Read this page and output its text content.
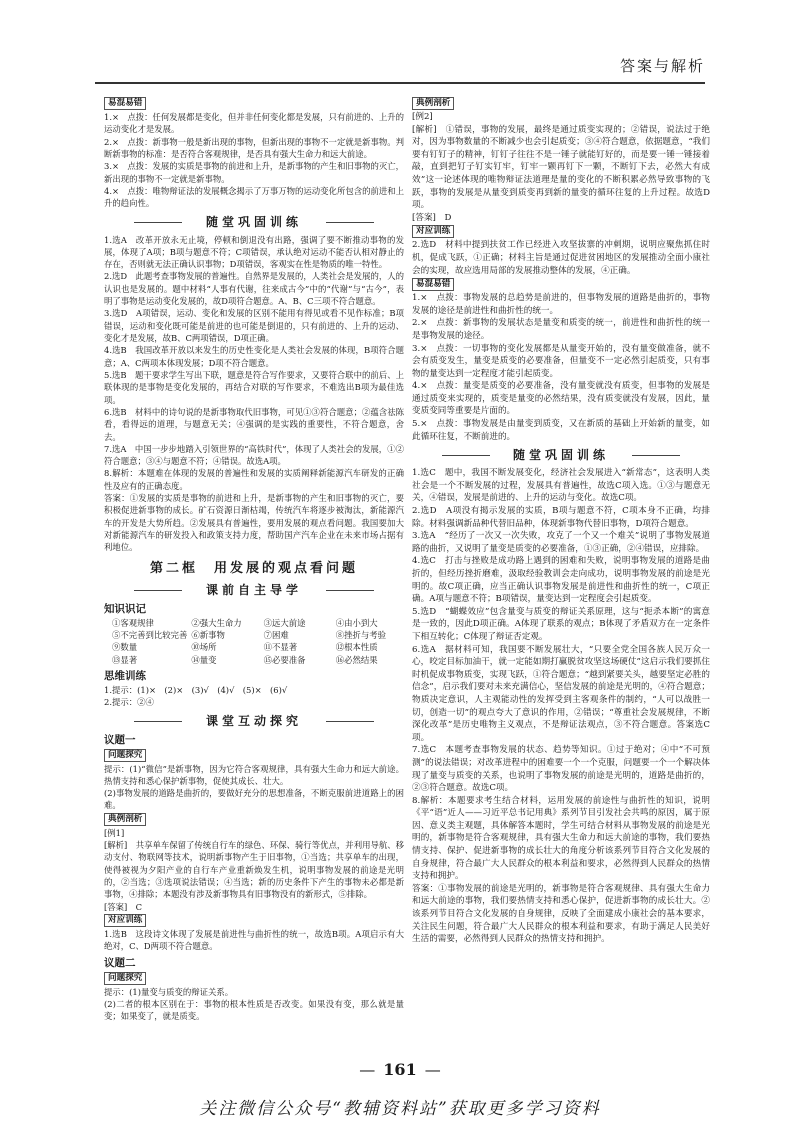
答案与解析
易混易错

1.×　点拨：任何发展都是变化，但并非任何变化都是发展，只有前进的、上升的运动变化才是发展。

2.×　点拨：新事物一般是新出现的事物，但新出现的事物不一定就是新事物。判断新事物的标准：是否符合客观规律，是否具有强大生命力和远大前途。

3.×　点拨：发展的实质是事物的前进和上升，是新事物的产生和旧事物的灭亡，新出现的事物不一定就是新事物。

4.×　点拨：唯物辩证法的发展概念揭示了万事万物的运动变化所包含的前进和上升的趋向性。

随堂巩固训练

1.选A　改革开放永无止境，停顿和倒退没有出路，强调了要不断推动事物的发展，体现了A项；B项与题意不符；C项错误，承认绝对运动不能否认相对静止的存在，否则就无法正确认识事物；D项错误，客观实在性是物质的唯一特性。

2.选D　此题考查事物发展的普遍性。自然界是发展的，人类社会是发展的，人的认识也是发展的。题中材料“人事有代谢，往来成古今”中的“代谢”与“古今”，表明了事物是运动变化发展的，故D项符合题意。A、B、C三项不符合题意。

3.选D　A项错误，运动、变化和发展的区别不能用有得见或看不见作标准；B项错误，运动和变化既可能是前进的也可能是倒退的，只有前进的、上升的运动、变化才是发展，故B、C两项错误，D项正确。

4.选B　我国改革开放以来发生的历史性变化是人类社会发展的体现，B项符合题意；A、C两项本体现发展；D项不符合题意。

5.选B　题干要求学生写出下联，题意是符合写作要求，又要符合联中的前后、上联体现的是事物是变化发展的，再结合对联的写作要求，不难选出B项为最佳选项。

6.选B　材料中的诗句说的是新事物取代旧事物，可见①③符合题意；②蕴含祛陈看，看得远的道理，与题意无关；④强调的是实践的重要性，不符合题意，舍去。

7.选A　中国一步步地踏入引领世界的“高铁时代”，体现了人类社会的发展，①②符合题意；③④与题意不符；④错误。故选A项。

8.解析：本题难在体现的发展的普遍性和发展的实质阐释新能源汽车研发的正确性及应有的正确态度。

答案：①发展的实质是事物的前进和上升，是新事物的产生和旧事物的灭亡，要积极促进新事物的成长。矿石资源日渐枯竭，传统汽车将逐步被淘汰，新能源汽车的开发是大势所趋。②发展具有普遍性，要用发展的观点看问题。我国要加大对新能源汽车的研发投入和政策支持力度，帮助国产汽车企业在未来市场占据有利地位。

第二框　用发展的观点看问题
课前自主导学
知识识记
①客观规律	②强大生命力	③远大前途	④由小到大
⑤不完善到比较完善 ⑥新事物	⑦困难	⑧挫折与考验
⑨数量	⑩场所	⑪不显著	⑫根本性质
⑬显著	⑭量变	⑮必要准备	⑯必然结果
思维训练

1.提示：(1)×　(2)×　(3)√　(4)√　(5)×　(6)√

2.提示：②④

课堂互动探究
议题一
问题探究

提示：(1)“微信”是新事物，因为它符合客观规律，具有强大生命力和远大前途。热情支持和悉心保护新事物，促使其成长、壮大。

(2)事物发展的道路是曲折的，要做好充分的思想准备，不断克服前进道路上的困难。

典例剖析

[例1]

[解析]　共享单车保留了传统自行车的绿色、环保、骑行等优点，并利用导航、移动支付、物联网等技术，说明新事物产生于旧事物，①当选；共享单车的出现，使得被视为夕阳产业的自行车产业重新焕发生机，说明事物发展的前途是光明的，②当选；③选项说法错误；④当选；新的历史条件下产生的事物未必都是新事物，④排除；本题没有涉及新事物具有旧事物没有的新形式，⑤排除。

[答案]　C

对应训练

1.选B　这段诗文体现了发展是前进性与曲折性的统一，故选B项。A项启示有大绝对，C、D两项不符合题意。

议题二
问题探究

提示：(1)量变与质变的辩证关系。

(2)二者的根本区别在于：事物的根本性质是否改变。如果没有变，那么就是量变；如果变了，就是质变。

典例剖析

[例2]

[解析]　①错误，事物的发展，最终是通过质变实现的；②错误，说法过于绝对，因为事物数量的不断减少也会引起质变；③④符合题意，依据题意，“我们要有钉钉子的精神，钉钉子往往不是一锤子就能钉好的，而是要一锤一锤接着敲，直到把钉子钉实钉牢，钉牢一颗再钉下一颗，不断钉下去，必然大有成效”这一论述体现的唯物辩证法道理是量的变化的不断积累必然导致事物的飞跃，事物的发展是从量变到质变再到新的量变的循环往复的上升过程。故选D项。

[答案]　D

对应训练

2.选D　材料中提到扶贫工作已经进入攻坚拔寨的冲刺期，说明应聚焦抓住时机，促成飞跃，①正确；材料主旨是通过促进贫困地区的发展推动全面小康社会的实现，故应选用局部的发展推动整体的发展，④正确。

易混易错

1.×　点拨：事物发展的总趋势是前进的，但事物发展的道路是曲折的，事物发展的途径是前进性和曲折性的统一。

2.×　点拨：新事物的发展状态是量变和质变的统一，前进性和曲折性的统一是事物发展的途径。

3.×　点拨：一切事物的变化发展都是从量变开始的，没有量变做准备，就不会有质变发生，量变是质变的必要准备，但量变不一定必然引起质变，只有事物的量变达到一定程度才能引起质变。

4.×　点拨：量变是质变的必要准备，没有量变就没有质变，但事物的发展是通过质变来实现的，质变是量变的必然结果，没有质变就没有发展，因此，量变质变同等重要是片面的。

5.×　点拨：事物发展是由量变到质变，又在新质的基础上开始新的量变，如此循环往复，不断前进的。

随堂巩固训练

1.选C　题中，我国不断发展变化，经济社会发展进入“新常态”，这表明人类社会是一个不断发展的过程，发展具有普遍性，故选C项入选。①③与题意无关，④错误，发展是前进的、上升的运动与变化。故选C项。

2.选D　A项没有揭示发展的实质，B项与题意不符，C项本身不正确，均排除。材料强调新品种代替旧品种，体现新事物代替旧事物，D项符合题意。

3.选A　“经历了一次又一次失败，攻克了一个又一个难关”说明了事物发展道路的曲折，又说明了量变是质变的必要准备，①③正确，②④错误，应排除。

4.选C　打击与挫败是成功路上遇到的困难和失败，说明事物发展的道路是曲折的，但经历挫折磨难，汲取经验教训会走向成功，说明事物发展的前途是光明的。故C项正确，应当正确认识事物发展是前进性和曲折性的统一，C项正确。A项与题意不符；B项错误，量变达到一定程度会引起质变。

5.选D　“蝴蝶效应”包含量变与质变的辩证关系原理，这与“扼杀本断”的寓意是一致的，因此D项正确。A体现了联系的观点；B体现了矛盾双方在一定条件下相互转化；C体现了辩证否定观。

6.选A　据材料可知，我国要不断发展壮大，“只要全党全国各族人民万众一心，咬定目标加油干，就一定能如期打赢脱贫攻坚这场硬仗”这启示我们要抓住时机促成事物质变，实现飞跃，①符合题意；“越到紧要关头，越要坚定必胜的信念”，启示我们要对未来充满信心，坚信发展的前途是光明的，④符合题意；物质决定意识，人主观能动性的发挥受到主客观条件的制约，“人可以战胜一切，创造一切”的观点夸大了意识的作用，②错误；“尊重社会发展规律，不断深化改革”是历史唯物主义观点，不是辩证法观点，③不符合题意。答案选C项。

7.选C　本题考查事物发展的状态、趋势等知识。①过于绝对；④中“不可预测”的说法错误；对改革进程中的困难要一个一个克服，问题要一个一个解决体现了量变与质变的关系，也说明了事物发展的前途是光明的，道路是曲折的，②③符合题意。故选C项。

8.解析：本题要求考生结合材料，运用发展的前途性与曲折性的知识，说明《平“语”近人——习近平总书记用典》系列节目引发社会共鸣的原因，属于原因、意义类主观题，具体解答本题时，学生可结合材料从事物发展的前途是光明的，新事物是符合客观规律，具有强大生命力和远大前途的事物，我们要热情支持、保护、促进新事物的成长壮大的角度分析该系列节目符合文化发展的自身规律，符合最广大人民群众的根本利益和要求，必然得到人民群众的热情支持和拥护。

答案：①事物发展的前途是光明的，新事物是符合客观规律、具有强大生命力和远大前途的事物，我们要热情支持和悉心保护，促进新事物的成长壮大。②该系列节目符合文化发展的自身规律，反映了全面建成小康社会的基本要求，关注民生问题，符合最广大人民群众的根本利益和要求，有助于满足人民美好生活的需要，必然得到人民群众的热情支持和拥护。

— 161 —
关注微信公众号“教辅资料站”获取更多学习资料
